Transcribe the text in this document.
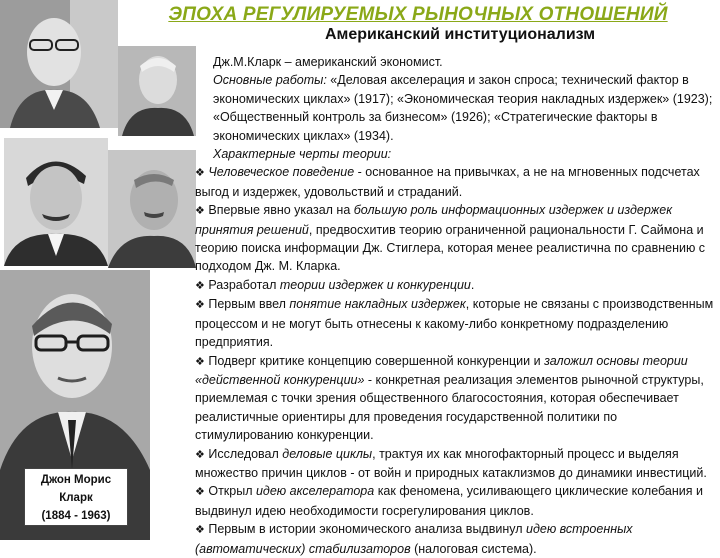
ЭПОХА РЕГУЛИРУЕМЫХ РЫНОЧНЫХ ОТНОШЕНИЙ
Американский институционализм
Джон Морис
Кларк
(1884 - 1963)

Дж.М.Кларк – американский экономист.

Основные работы: «Деловая акселерация и закон спроса; технический фактор в экономических циклах» (1917); «Экономическая теория накладных издержек» (1923); «Общественный контроль за бизнесом» (1926); «Стратегические факторы в экономических циклах» (1934).

Характерные черты теории:

❖ Человеческое поведение - основанное на привычках, а не на мгновенных подсчетах выгод и издержек, удовольствий и страданий.

❖ Впервые явно указал на большую роль информационных издержек и издержек принятия решений, предвосхитив теорию ограниченной рациональности Г. Саймона и теорию поиска информации Дж. Стиглера, которая менее реалистична по сравнению с подходом Дж. М. Кларка.

❖ Разработал теории издержек и конкуренции.

❖ Первым ввел понятие накладных издержек, которые не связаны с производственным процессом и не могут быть отнесены к какому-либо конкретному подразделению предприятия.

❖ Подверг критике концепцию совершенной конкуренции и заложил основы теории «действенной конкуренции» - конкретная реализация элементов рыночной структуры, приемлемая с точки зрения общественного благосостояния, которая обеспечивает реалистичные ориентиры для проведения государственной политики по стимулированию конкуренции.

❖ Исследовал деловые циклы, трактуя их как многофакторный процесс и выделяя множество причин циклов - от войн и природных катаклизмов до динамики инвестиций.

❖ Открыл идею акселератора как феномена, усиливающего циклические колебания и выдвинул идею необходимости госрегулирования циклов.

❖ Первым в истории экономического анализа выдвинул идею встроенных (автоматических) стабилизаторов (налоговая система).
